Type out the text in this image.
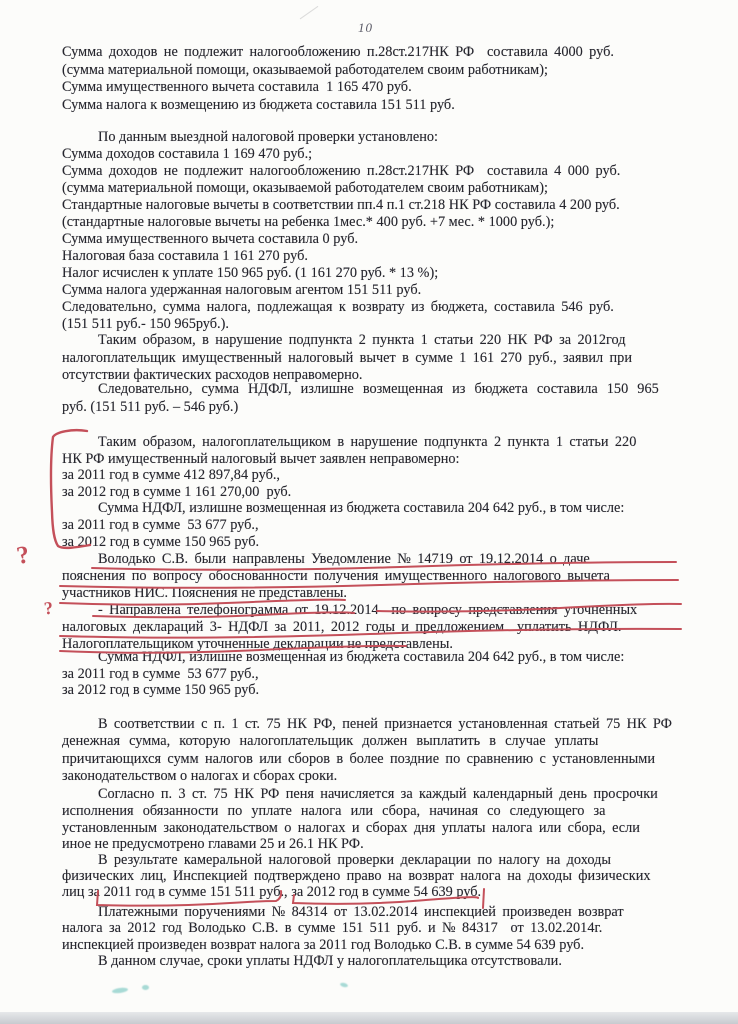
10
Сумма доходов не подлежит налогообложению п.28ст.217НК РФ  составила 4000 руб.
(сумма материальной помощи, оказываемой работодателем своим работникам);
Сумма имущественного вычета составила  1 165 470 руб.
Сумма налога к возмещению из бюджета составила 151 511 руб.
По данным выездной налоговой проверки установлено:
Сумма доходов составила 1 169 470 руб.;
Сумма доходов не подлежит налогообложению п.28ст.217НК РФ  составила 4 000 руб.
(сумма материальной помощи, оказываемой работодателем своим работникам);
Стандартные налоговые вычеты в соответствии пп.4 п.1 ст.218 НК РФ составила 4 200 руб.
(стандартные налоговые вычеты на ребенка 1мес.* 400 руб. +7 мес. * 1000 руб.);
Сумма имущественного вычета составила 0 руб.
Налоговая база составила 1 161 270 руб.
Налог исчислен к уплате 150 965 руб. (1 161 270 руб. * 13 %);
Сумма налога удержанная налоговым агентом 151 511 руб.
Следовательно, сумма налога, подлежащая к возврату из бюджета, составила 546 руб.
(151 511 руб.- 150 965руб.).
Таким образом, в нарушение подпункта 2 пункта 1 статьи 220 НК РФ за 2012год
налогоплательщик имущественный налоговый вычет в сумме 1 161 270 руб., заявил при
отсутствии фактических расходов неправомерно.
Следовательно, сумма НДФЛ, излишне возмещенная из бюджета составила 150 965
руб. (151 511 руб. – 546 руб.)
Таким образом, налогоплательщиком в нарушение подпункта 2 пункта 1 статьи 220
НК РФ имущественный налоговый вычет заявлен неправомерно:
за 2011 год в сумме 412 897,84 руб.,
за 2012 год в сумме 1 161 270,00  руб.
Сумма НДФЛ, излишне возмещенная из бюджета составила 204 642 руб., в том числе:
за 2011 год в сумме  53 677 руб.,
за 2012 год в сумме 150 965 руб.
Володько С.В. были направлены Уведомление № 14719 от 19.12.2014 о даче
пояснения по вопросу обоснованности получения имущественного налогового вычета
участников НИС. Пояснения не представлены.
- Направлена телефонограмма от 19.12.2014  по вопросу представления уточненных
налоговых деклараций 3- НДФЛ за 2011, 2012 годы и предложением  уплатить НДФЛ.
Налогоплательщиком уточненные декларации не представлены.
Сумма НДФЛ, излишне возмещенная из бюджета составила 204 642 руб., в том числе:
за 2011 год в сумме  53 677 руб.,
за 2012 год в сумме 150 965 руб.
В соответствии с п. 1 ст. 75 НК РФ, пеней признается установленная статьей 75 НК РФ
денежная сумма, которую налогоплательщик должен выплатить в случае уплаты
причитающихся сумм налогов или сборов в более поздние по сравнению с установленными
законодательством о налогах и сборах сроки.
Согласно п. 3 ст. 75 НК РФ пеня начисляется за каждый календарный день просрочки
исполнения обязанности по уплате налога или сбора, начиная со следующего за
установленным законодательством о налогах и сборах дня уплаты налога или сбора, если
иное не предусмотрено главами 25 и 26.1 НК РФ.
В результате камеральной налоговой проверки декларации по налогу на доходы
физических лиц, Инспекцией подтверждено право на возврат налога на доходы физических
лиц за 2011 год в сумме 151 511 руб., за 2012 год в сумме 54 639 руб.
Платежными поручениями № 84314 от 13.02.2014 инспекцией произведен возврат
налога за 2012 год Володько С.В. в сумме 151 511 руб. и № 84317  от 13.02.2014г.
инспекцией произведен возврат налога за 2011 год Володько С.В. в сумме 54 639 руб.
В данном случае, сроки уплаты НДФЛ у налогоплательщика отсутствовали.
?
?
